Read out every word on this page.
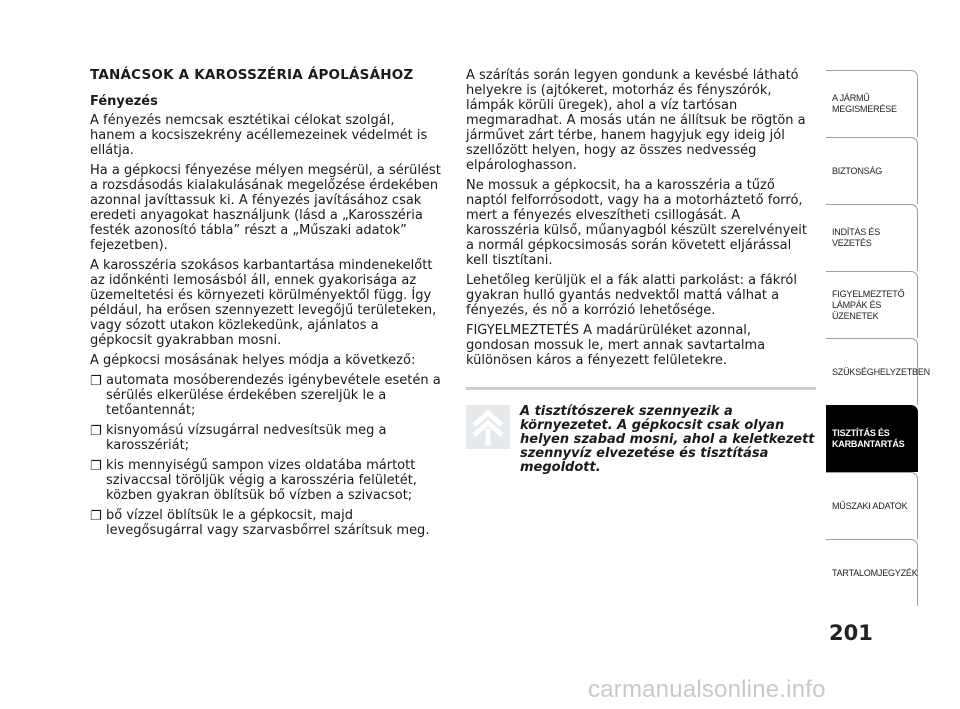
TANÁCSOK A KAROSSZÉRIA ÁPOLÁSÁHOZ

Fényezés

A fényezés nemcsak esztétikai célokat szolgál, hanem a kocsiszekrény acéllemezeinek védelmét is ellátja.

Ha a gépkocsi fényezése mélyen megsérül, a sérülést a rozsdásodás kialakulásának megelőzése érdekében azonnal javíttassuk ki. A fényezés javításához csak eredeti anyagokat használjunk (lásd a „Karosszéria festék azonosító tábla” részt a „Műszaki adatok” fejezetben).

A karosszéria szokásos karbantartása mindenekelőtt az időnkénti lemosásból áll, ennek gyakorisága az üzemeltetési és környezeti körülményektől függ. Így például, ha erősen szennyezett levegőjű területeken, vagy sózott utakon közlekedünk, ajánlatos a gépkocsit gyakrabban mosni.

A gépkocsi mosásának helyes módja a következő:

❐ automata mosóberendezés igénybevétele esetén a sérülés elkerülése érdekében szereljük le a tetőantennát;
❐ kisnyomású vízsugárral nedvesítsük meg a karosszériát;
❐ kis mennyiségű sampon vizes oldatába mártott szivaccsal töröljük végig a karosszéria felületét, közben gyakran öblítsük bő vízben a szivacsot;
❐ bő vízzel öblítsük le a gépkocsit, majd levegősugárral vagy szarvasbőrrel szárítsuk meg.

A szárítás során legyen gondunk a kevésbé látható helyekre is (ajtókeret, motorház és fényszórók, lámpák körüli üregek), ahol a víz tartósan megmaradhat. A mosás után ne állítsuk be rögtön a járművet zárt térbe, hanem hagyjuk egy ideig jól szellőzött helyen, hogy az összes nedvesség elpárologhasson.

Ne mossuk a gépkocsit, ha a karosszéria a tűző naptól felforrósodott, vagy ha a motorháztető forró, mert a fényezés elveszítheti csillogását. A karosszéria külső, műanyagból készült szerelvényeit a normál gépkocsimosás során követett eljárással kell tisztítani.

Lehetőleg kerüljük el a fák alatti parkolást: a fákról gyakran hulló gyantás nedvektől mattá válhat a fényezés, és nő a korrózió lehetősége.

FIGYELMEZTETÉS A madárürüléket azonnal, gondosan mossuk le, mert annak savtartalma különösen káros a fényezett felületekre.

A tisztítószerek szennyezik a környezetet. A gépkocsit csak olyan helyen szabad mosni, ahol a keletkezett szennyvíz elvezetése és tisztítása megoldott.
A JÁRMŰ MEGISMERÉSE
BIZTONSÁG
INDÍTÁS ÉS VEZETÉS
FIGYELMEZTETŐ LÁMPÁK ÉS ÜZENETEK
SZÜKSÉGHELYZETBEN
TISZTÍTÁS ÉS KARBANTARTÁS
MŰSZAKI ADATOK
TARTALOMJEGYZÉK
201
carmanualsonline.info
